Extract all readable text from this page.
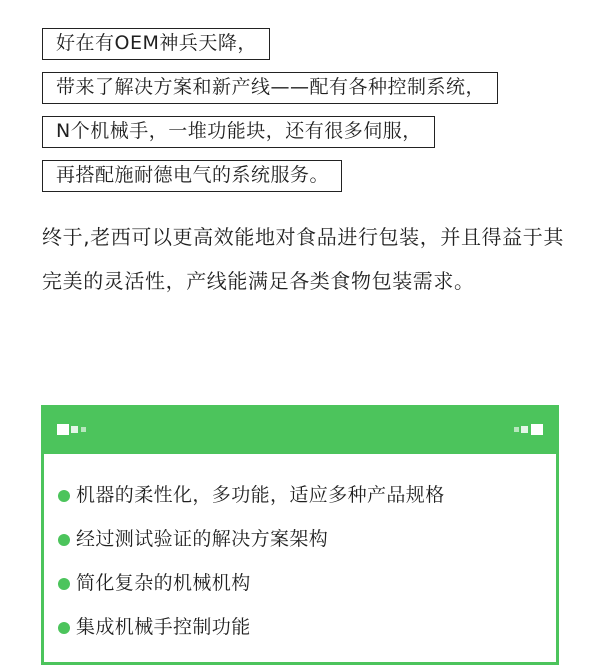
好在有OEM神兵天降，
带来了解决方案和新产线——配有各种控制系统，
N个机械手，一堆功能块，还有很多伺服，
再搭配施耐德电气的系统服务。

终于,老西可以更高效能地对食品进行包装，并且得益于其完美的灵活性，产线能满足各类食物包装需求。

机器的柔性化，多功能，适应多种产品规格
经过测试验证的解决方案架构
简化复杂的机械机构
集成机械手控制功能
